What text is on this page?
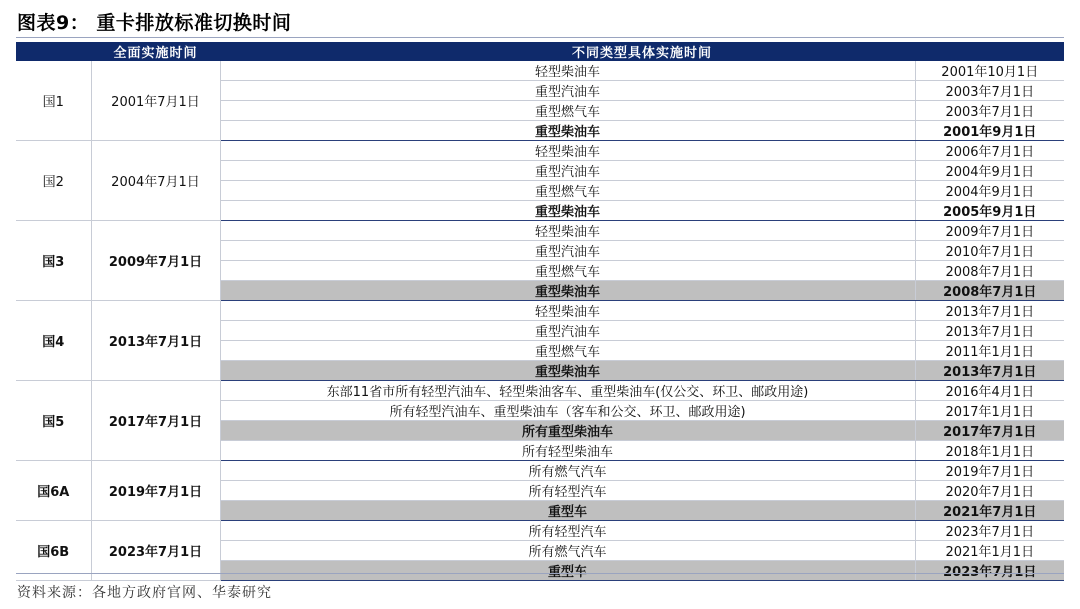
图表9： 重卡排放标准切换时间
	全面实施时间	不同类型具体实施时间	
国1	2001年7月1日	轻型柴油车	2001年10月1日
		重型汽油车	2003年7月1日
		重型燃气车	2003年7月1日
		重型柴油车	2001年9月1日
国2	2004年7月1日	轻型柴油车	2006年7月1日
		重型汽油车	2004年9月1日
		重型燃气车	2004年9月1日
		重型柴油车	2005年9月1日
国3	2009年7月1日	轻型柴油车	2009年7月1日
		重型汽油车	2010年7月1日
		重型燃气车	2008年7月1日
		重型柴油车	2008年7月1日
国4	2013年7月1日	轻型柴油车	2013年7月1日
		重型汽油车	2013年7月1日
		重型燃气车	2011年1月1日
		重型柴油车	2013年7月1日
国5	2017年7月1日	东部11省市所有轻型汽油车、轻型柴油客车、重型柴油车(仅公交、环卫、邮政用途)	2016年4月1日
		所有轻型汽油车、重型柴油车（客车和公交、环卫、邮政用途)	2017年1月1日
		所有重型柴油车	2017年7月1日
		所有轻型柴油车	2018年1月1日
国6A	2019年7月1日	所有燃气汽车	2019年7月1日
		所有轻型汽车	2020年7月1日
		重型车	2021年7月1日
国6B	2023年7月1日	所有轻型汽车	2023年7月1日
		所有燃气汽车	2021年1月1日
		重型车	2023年7月1日
资料来源：各地方政府官网、华泰研究
